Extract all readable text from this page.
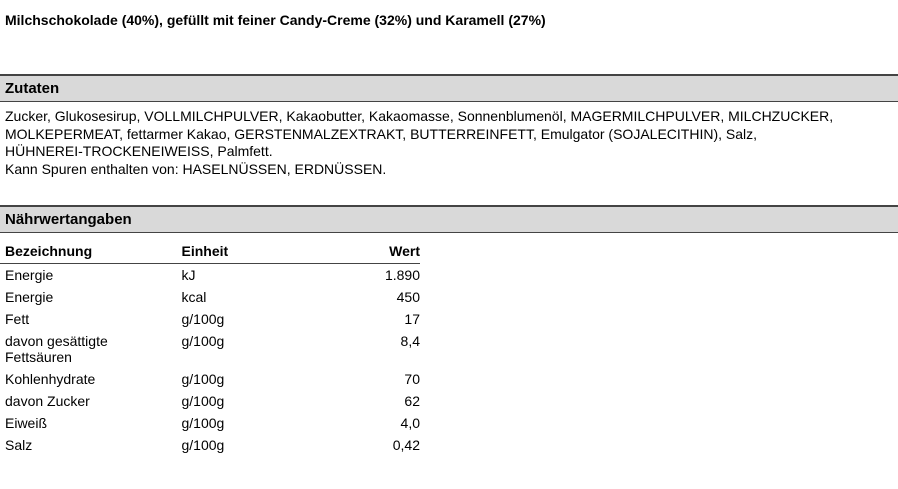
Milchschokolade (40%), gefüllt mit feiner Candy-Creme (32%) und Karamell (27%)
Zutaten
Zucker, Glukosesirup, VOLLMILCHPULVER, Kakaobutter, Kakaomasse, Sonnenblumenöl, MAGERMILCHPULVER, MILCHZUCKER,
MOLKEPERMEAT, fettarmer Kakao, GERSTENMALZEXTRAKT, BUTTERREINFETT, Emulgator (SOJALECITHIN), Salz,
HÜHNEREI-TROCKENEIWEISS, Palmfett.
Kann Spuren enthalten von: HASELNÜSSEN, ERDNÜSSEN.
Nährwertangaben
Bezeichnung	Einheit	Wert
Energie	kJ	1.890
Energie	kcal	450
Fett	g/100g	17
davon gesättigte Fettsäuren	g/100g	8,4
Kohlenhydrate	g/100g	70
davon Zucker	g/100g	62
Eiweiß	g/100g	4,0
Salz	g/100g	0,42
